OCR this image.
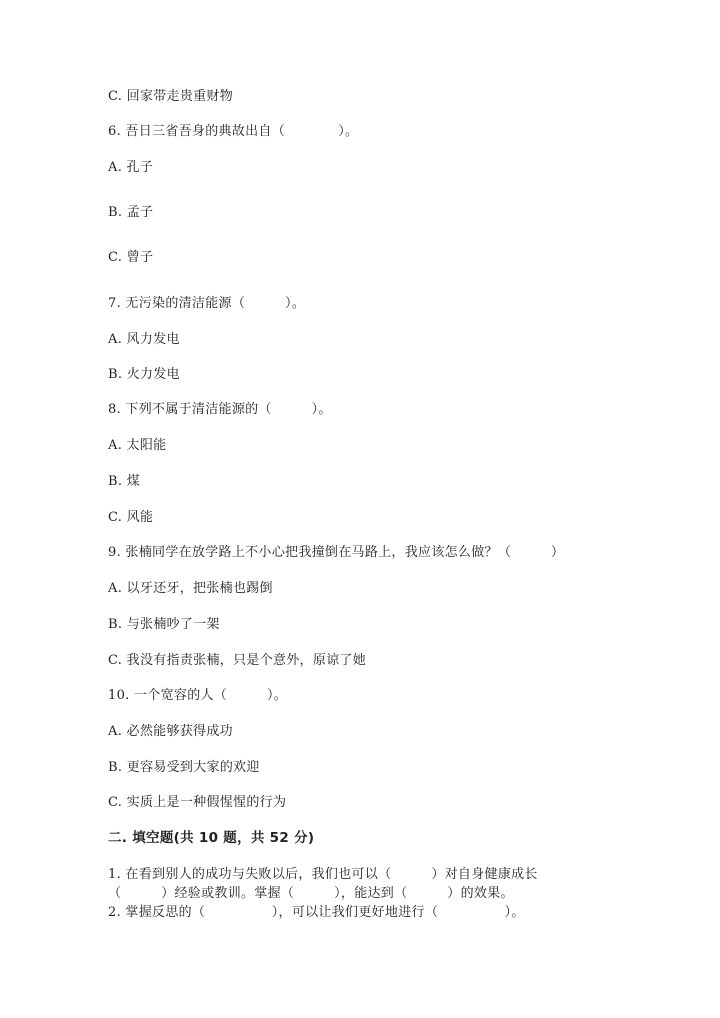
C. 回家带走贵重财物
6. 吾日三省吾身的典故出自（　　　　）。
A. 孔子
B. 孟子
C. 曾子
7. 无污染的清洁能源（　　　）。
A. 风力发电
B. 火力发电
8. 下列不属于清洁能源的（　　　）。
A. 太阳能
B. 煤
C. 风能
9. 张楠同学在放学路上不小心把我撞倒在马路上，我应该怎么做？（　　　）
A. 以牙还牙，把张楠也踢倒
B. 与张楠吵了一架
C. 我没有指责张楠，只是个意外，原谅了她
10. 一个宽容的人（　　　）。
A. 必然能够获得成功
B. 更容易受到大家的欢迎
C. 实质上是一种假惺惺的行为
二. 填空题(共 10 题，共 52 分)
1. 在看到别人的成功与失败以后，我们也可以（　　　）对自身健康成长
（　　　）经验或教训。掌握（　　　），能达到（　　　）的效果。
2. 掌握反思的（　　　　　），可以让我们更好地进行（　　　　　）。
